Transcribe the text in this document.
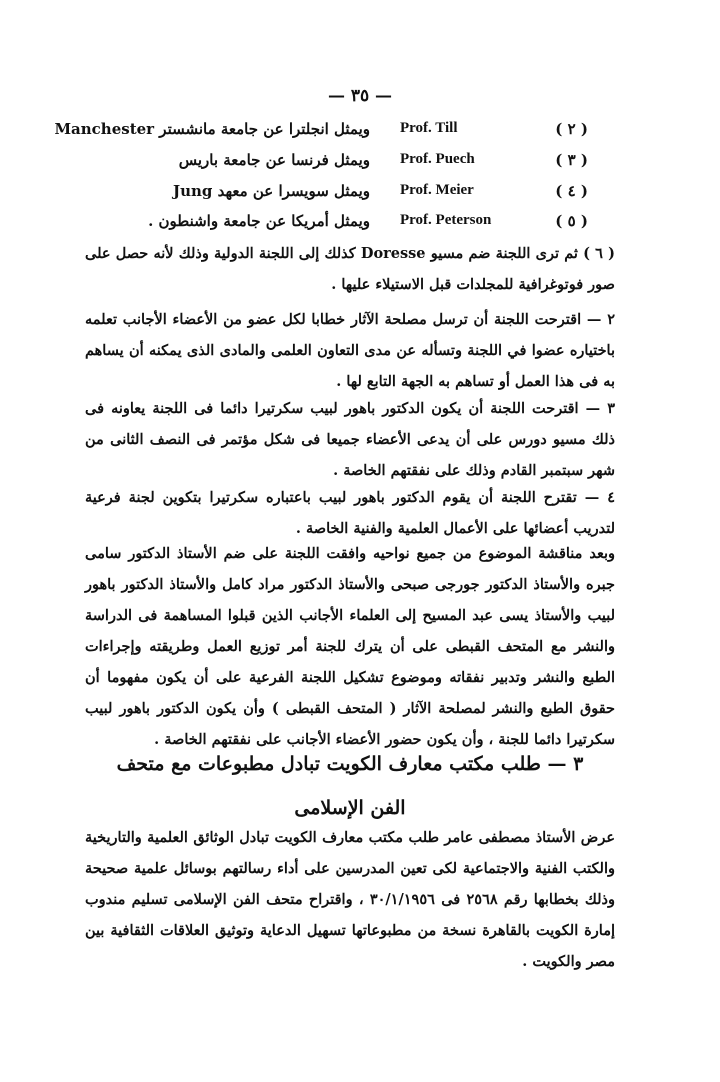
— ٣٥ —
( ٢ )
Prof. Till
ويمثل انجلترا عن جامعة مانشستر Manchester
( ٣ )
Prof. Puech
ويمثل فرنسا عن جامعة باريس
( ٤ )
Prof. Meier
ويمثل سويسرا عن معهد Jung
( ٥ )
Prof. Peterson
ويمثل أمريكا عن جامعة واشنطون .
( ٦ ) ثم ترى اللجنة ضم مسيو Doresse كذلك إلى اللجنة الدولية وذلك لأنه حصل على صور فوتوغرافية للمجلدات قبل الاستيلاء عليها .
٢ — اقترحت اللجنة أن ترسل مصلحة الآثار خطابا لكل عضو من الأعضاء الأجانب تعلمه باختياره عضوا في اللجنة وتسأله عن مدى التعاون العلمى والمادى الذى يمكنه أن يساهم به فى هذا العمل أو تساهم به الجهة التابع لها .
٣ — اقترحت اللجنة أن يكون الدكتور باهور لبيب سكرتيرا دائما فى اللجنة يعاونه فى ذلك مسيو دورس على أن يدعى الأعضاء جميعا فى شكل مؤتمر فى النصف الثانى من شهر سبتمبر القادم وذلك على نفقتهم الخاصة .
٤ — تقترح اللجنة أن يقوم الدكتور باهور لبيب باعتباره سكرتيرا بتكوين لجنة فرعية لتدريب أعضائها على الأعمال العلمية والفنية الخاصة .
وبعد مناقشة الموضوع من جميع نواحيه وافقت اللجنة على ضم الأستاذ الدكتور سامى جبره والأستاذ الدكتور جورجى صبحى والأستاذ الدكتور مراد كامل والأستاذ الدكتور باهور لبيب والأستاذ يسى عبد المسيح إلى العلماء الأجانب الذين قبلوا المساهمة فى الدراسة والنشر مع المتحف القبطى على أن يترك للجنة أمر توزيع العمل وطريقته وإجراءات الطبع والنشر وتدبير نفقاته وموضوع تشكيل اللجنة الفرعية على أن يكون مفهوما أن حقوق الطبع والنشر لمصلحة الآثار ( المتحف القبطى ) وأن يكون الدكتور باهور لبيب سكرتيرا دائما للجنة ، وأن يكون حضور الأعضاء الأجانب على نفقتهم الخاصة .
٣ — طلب مكتب معارف الكويت تبادل مطبوعات مع متحف
الفن الإسلامى
عرض الأستاذ مصطفى عامر طلب مكتب معارف الكويت تبادل الوثائق العلمية والتاريخية والكتب الفنية والاجتماعية لكى تعين المدرسين على أداء رسالتهم بوسائل علمية صحيحة وذلك بخطابها رقم ٢٥٦٨ فى ٣٠/١/١٩٥٦ ، واقتراح متحف الفن الإسلامى تسليم مندوب إمارة الكويت بالقاهرة نسخة من مطبوعاتها تسهيل الدعاية وتوثيق العلاقات الثقافية بين مصر والكويت .
